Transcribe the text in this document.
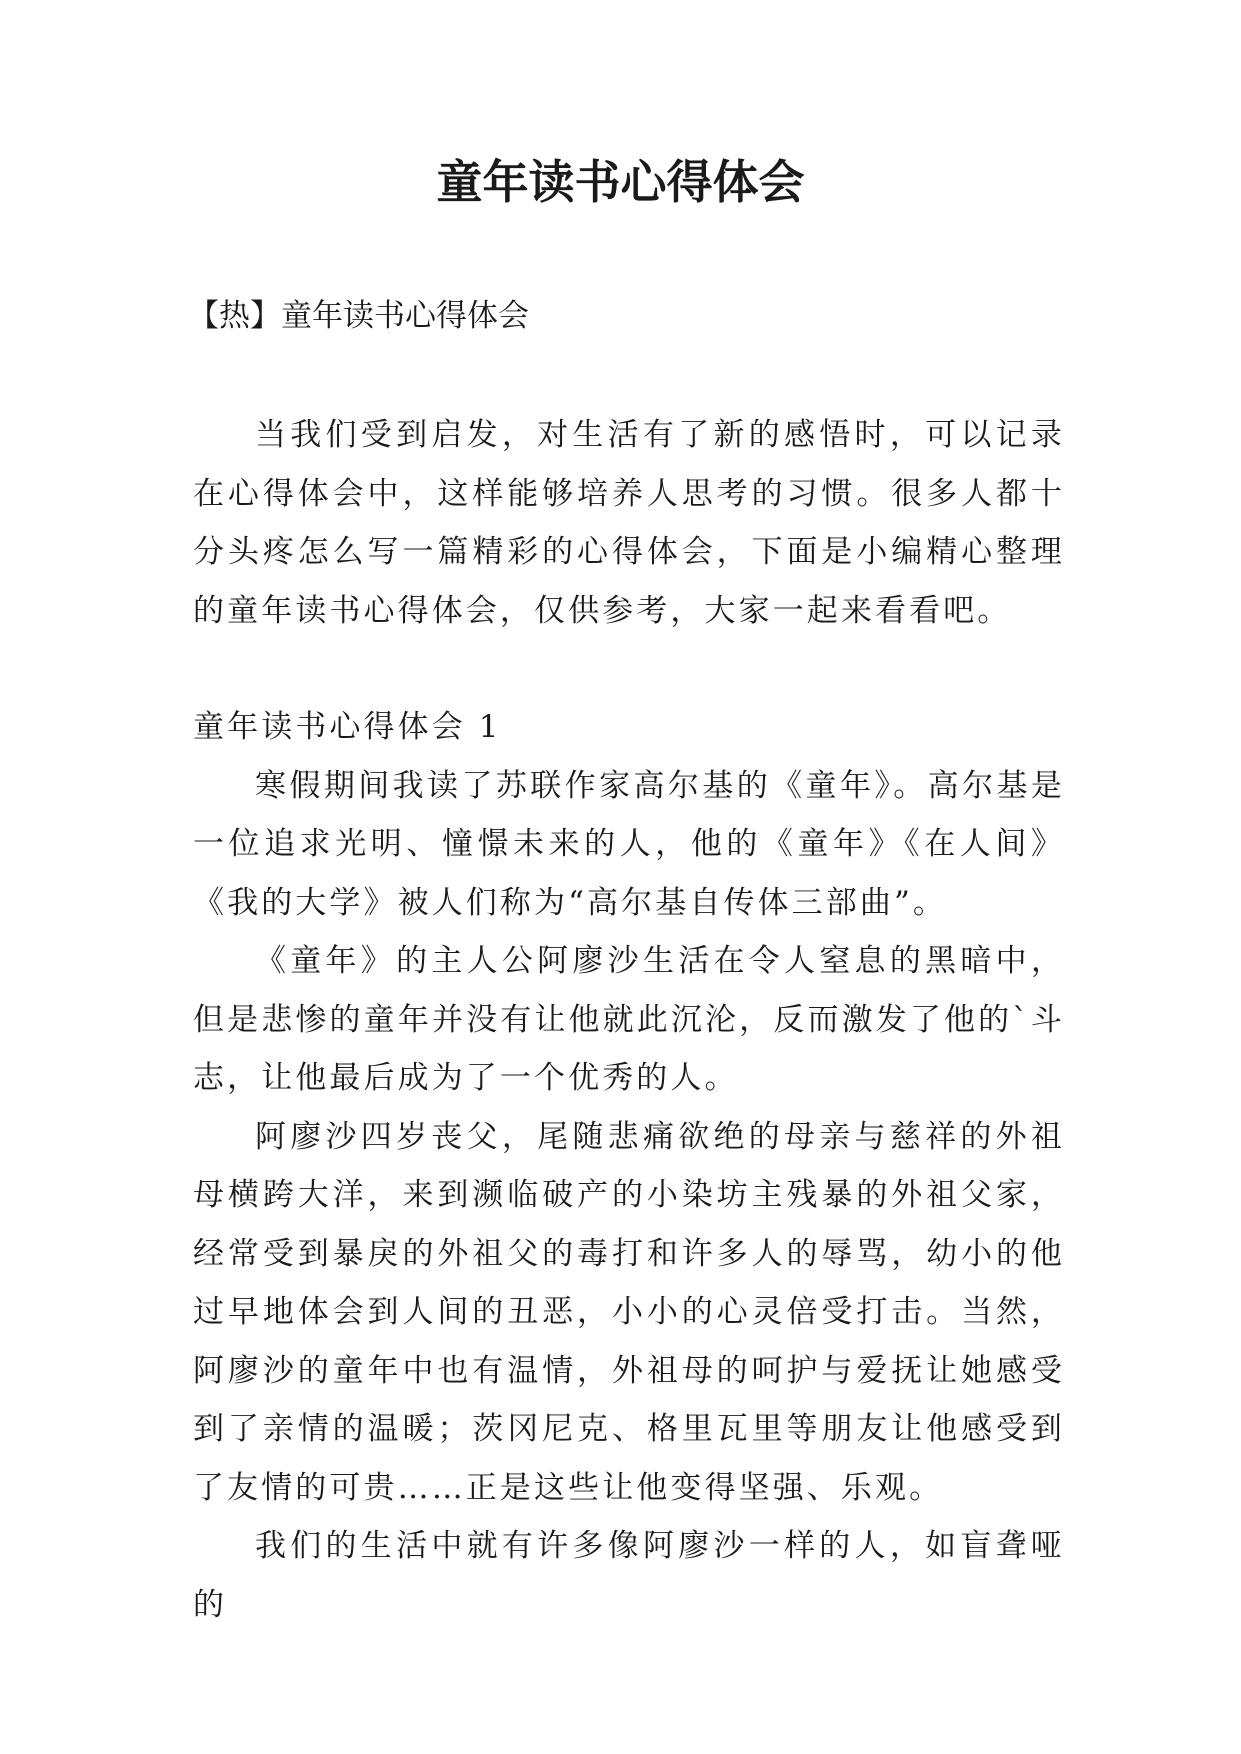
童年读书心得体会

【热】童年读书心得体会

当我们受到启发，对生活有了新的感悟时，可以记录在心得体会中，这样能够培养人思考的习惯。很多人都十分头疼怎么写一篇精彩的心得体会，下面是小编精心整理的童年读书心得体会，仅供参考，大家一起来看看吧。

童年读书心得体会 1

寒假期间我读了苏联作家高尔基的《童年》。高尔基是一位追求光明、憧憬未来的人，他的《童年》《在人间》《我的大学》被人们称为“高尔基自传体三部曲”。

《童年》的主人公阿廖沙生活在令人窒息的黑暗中，但是悲惨的童年并没有让他就此沉沦，反而激发了他的`斗志，让他最后成为了一个优秀的人。

阿廖沙四岁丧父，尾随悲痛欲绝的母亲与慈祥的外祖母横跨大洋，来到濒临破产的小染坊主残暴的外祖父家，经常受到暴戾的外祖父的毒打和许多人的辱骂，幼小的他过早地体会到人间的丑恶，小小的心灵倍受打击。当然，阿廖沙的童年中也有温情，外祖母的呵护与爱抚让她感受到了亲情的温暖；茨冈尼克、格里瓦里等朋友让他感受到了友情的可贵……正是这些让他变得坚强、乐观。

我们的生活中就有许多像阿廖沙一样的人，如盲聋哑的
